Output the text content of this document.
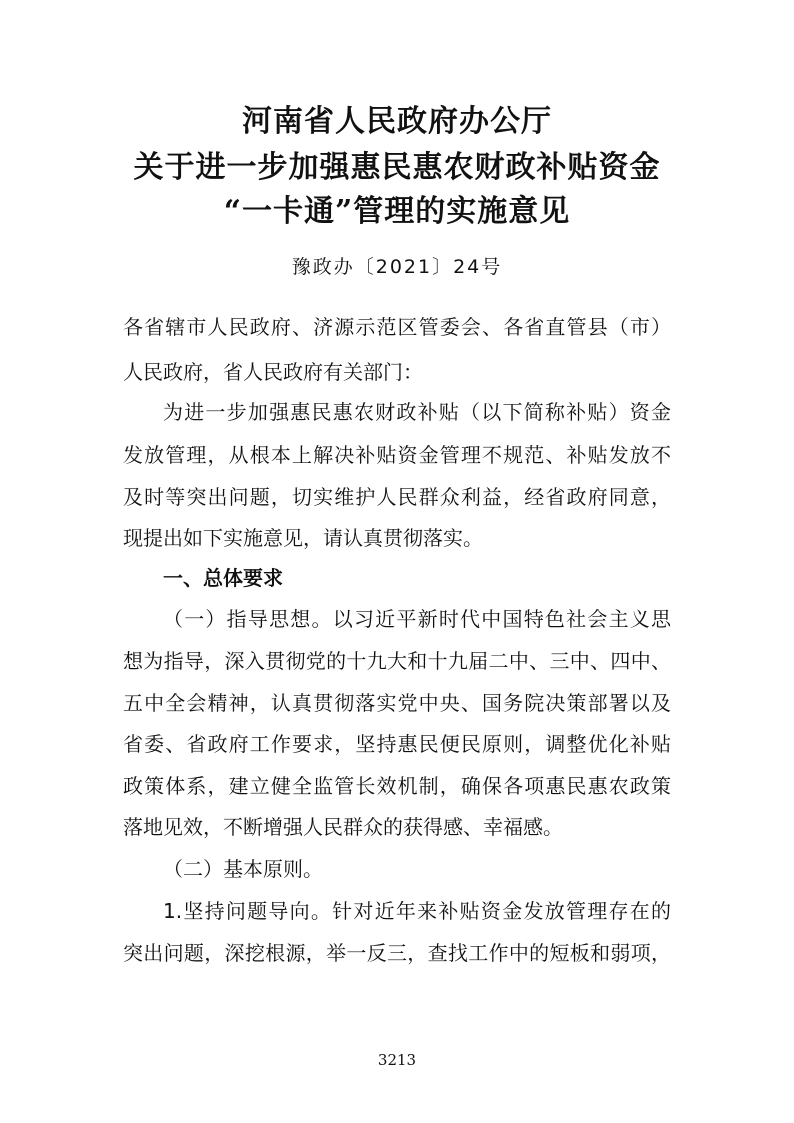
河南省人民政府办公厅
关于进一步加强惠民惠农财政补贴资金
“一卡通”管理的实施意见
豫政办〔2021〕24号
各省辖市人民政府、济源示范区管委会、各省直管县（市）
人民政府，省人民政府有关部门：
为进一步加强惠民惠农财政补贴（以下简称补贴）资金
发放管理，从根本上解决补贴资金管理不规范、补贴发放不
及时等突出问题，切实维护人民群众利益，经省政府同意，
现提出如下实施意见，请认真贯彻落实。
一、总体要求
（一）指导思想。以习近平新时代中国特色社会主义思
想为指导，深入贯彻党的十九大和十九届二中、三中、四中、
五中全会精神，认真贯彻落实党中央、国务院决策部署以及
省委、省政府工作要求，坚持惠民便民原则，调整优化补贴
政策体系，建立健全监管长效机制，确保各项惠民惠农政策
落地见效，不断增强人民群众的获得感、幸福感。
（二）基本原则。
1.坚持问题导向。针对近年来补贴资金发放管理存在的
突出问题，深挖根源，举一反三，查找工作中的短板和弱项，
3213
